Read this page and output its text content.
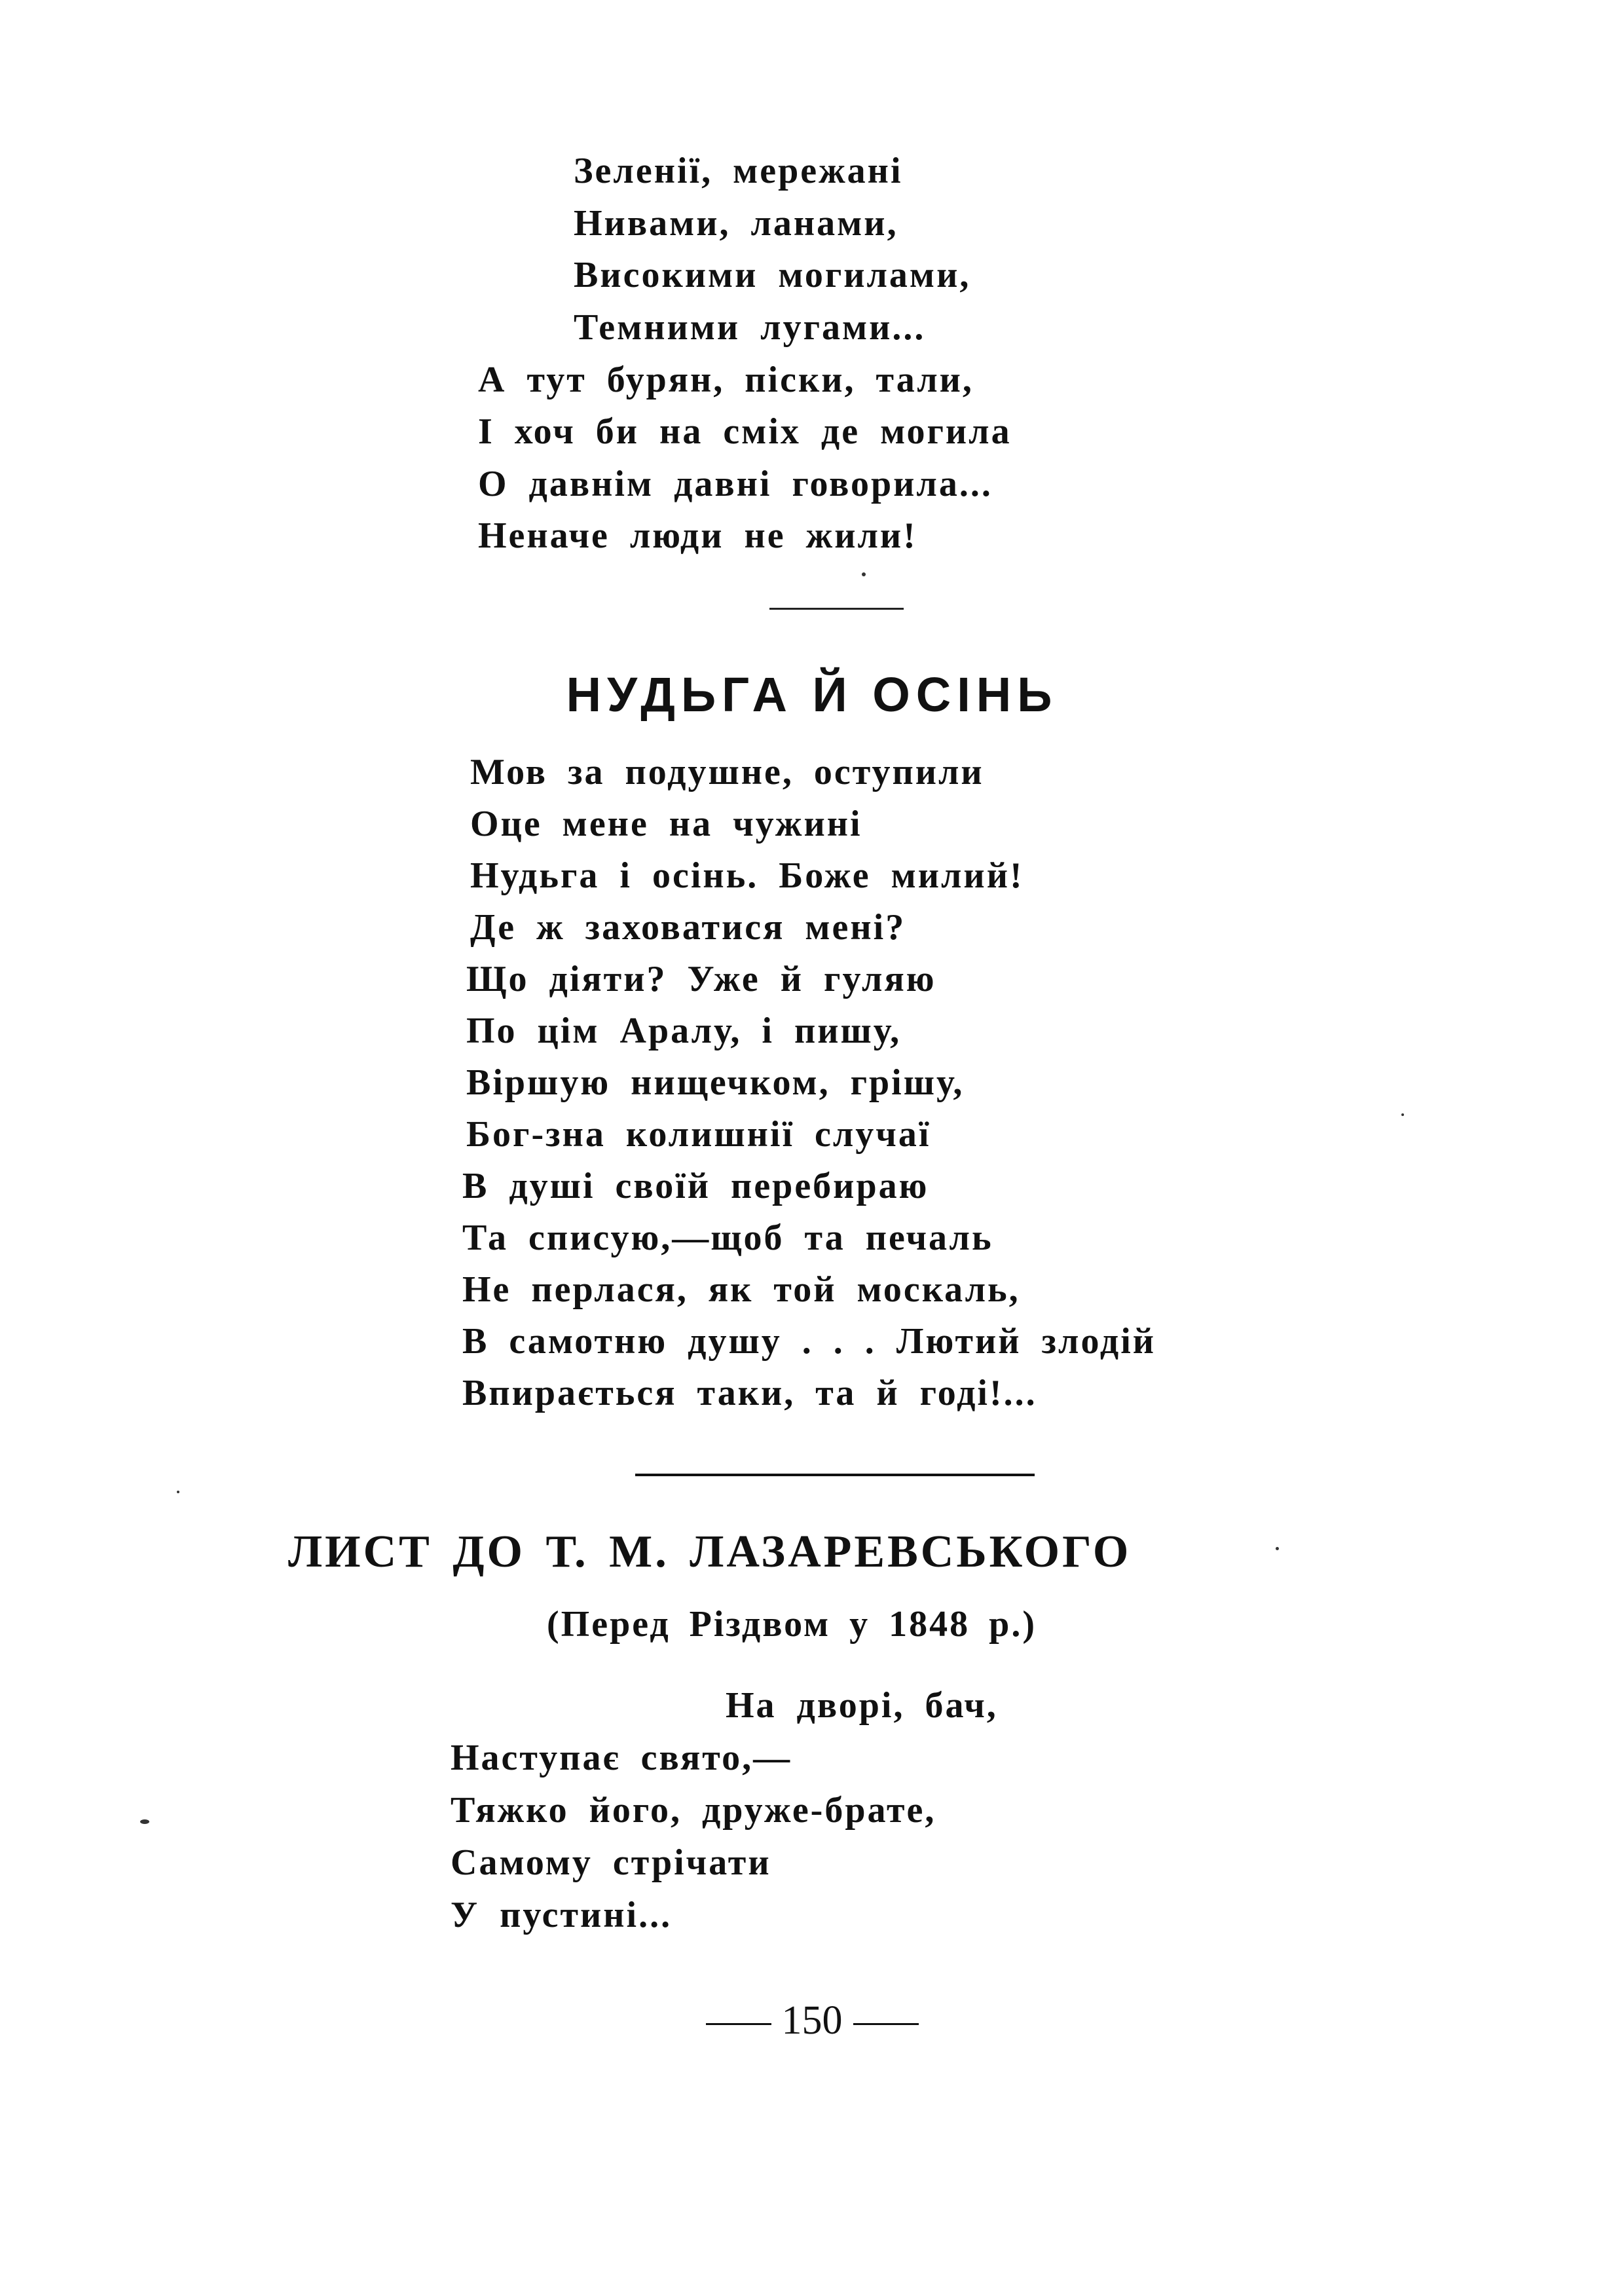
Зеленії, мережані
Нивами, ланами,
Високими могилами,
Темними лугами...
А тут бурян, піски, тали,
І хоч би на сміх де могила
О давнім давні говорила...
Неначе люди не жили!
НУДЬГА Й ОСІНЬ
Мов за подушне, оступили
Оце мене на чужині
Нудьга і осінь. Боже милий!
Де ж заховатися мені?
Що діяти? Уже й гуляю
По цім Аралу, і пишу,
Віршую нищечком, грішу,
Бог-зна колишнії случаї
В душі своїй перебираю
Та списую,—щоб та печаль
Не перлася, як той москаль,
В самотню душу . . . Лютий злодій
Впирається таки, та й годі!...
ЛИСТ ДО Т. М. ЛАЗАРЕВСЬКОГО
(Перед Різдвом у 1848 р.)
На дворі, бач,
Наступає свято,—
Тяжко його, друже-брате,
Самому стрічати
У пустині...
150
